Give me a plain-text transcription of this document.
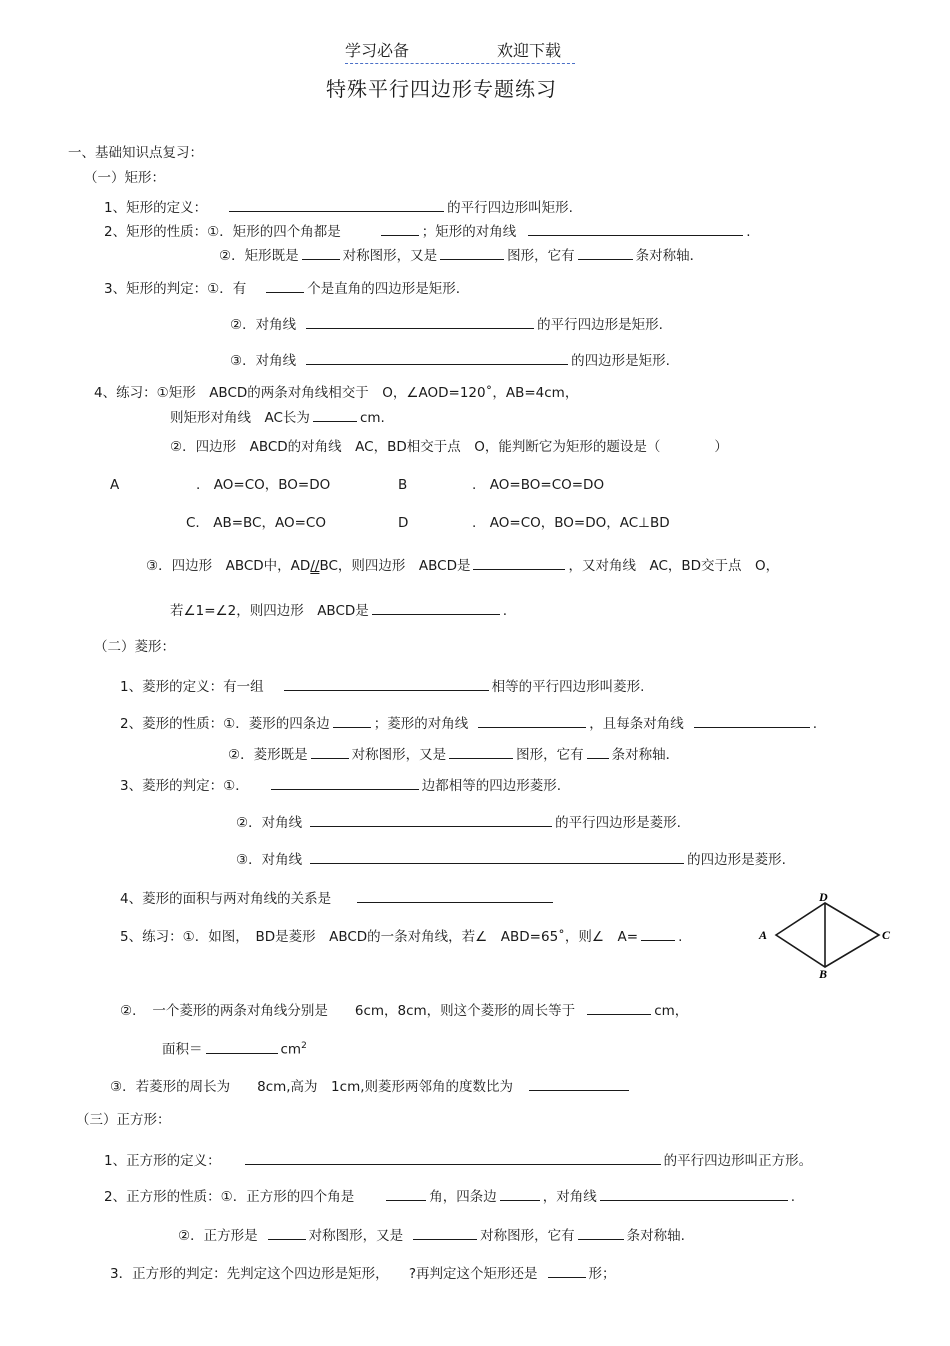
学习必备	欢迎下载
特殊平行四边形专题练习
一、基础知识点复习：
（一）矩形：
1、矩形的定义：	的平行四边形叫矩形.
2、矩形的性质：①．矩形的四个角都是	；矩形的对角线	.
②．矩形既是	对称图形，又是	图形，它有	条对称轴．
3、矩形的判定：①．有	个是直角的四边形是矩形.
②．对角线	的平行四边形是矩形.
③．对角线	的四边形是矩形.
4、练习：①矩形　ABCD的两条对角线相交于　O，∠AOD=120˚，AB=4cm，
则矩形对角线　AC长为	cm.
②．四边形　ABCD的对角线　AC，BD相交于点　O，能判断它为矩形的题设是（　　　　）
A	.　AO=CO，BO=DO	B	.　AO=BO=CO=DO
C.　AB=BC，AO=CO	D	.　AO=CO，BO=DO，AC⊥BD
③．四边形　ABCD中，AD//BC，则四边形　ABCD是	，又对角线　AC，BD交于点　O，
若∠1=∠2，则四边形　ABCD是	.
（二）菱形：
1、菱形的定义：有一组	相等的平行四边形叫菱形.
2、菱形的性质：①．菱形的四条边	；菱形的对角线	，且每条对角线	.
②．菱形既是	对称图形，又是	图形，它有 条对称轴．
3、菱形的判定：①．	边都相等的四边形菱形.
②．对角线	的平行四边形是菱形.
③．对角线	的四边形是菱形.
4、菱形的面积与两对角线的关系是
5、练习：①．如图，　BD是菱形　ABCD的一条对角线，若∠　ABD=65˚，则∠　A=	.
D
A	C
B
②．　一个菱形的两条对角线分别是　　6cm，8cm，则这个菱形的周长等于	cm，
面积＝	$cm^2$
③．若菱形的周长为　　8cm,高为　1cm,则菱形两邻角的度数比为
（三）正方形：
1、正方形的定义：	的平行四边形叫正方形。
2、正方形的性质：①．正方形的四个角是	角，四条边	，对角线	.
②．正方形是	对称图形，又是	对称图形，它有	条对称轴.
3．正方形的判定：先判定这个四边形是矩形，　　?再判定这个矩形还是	形；
